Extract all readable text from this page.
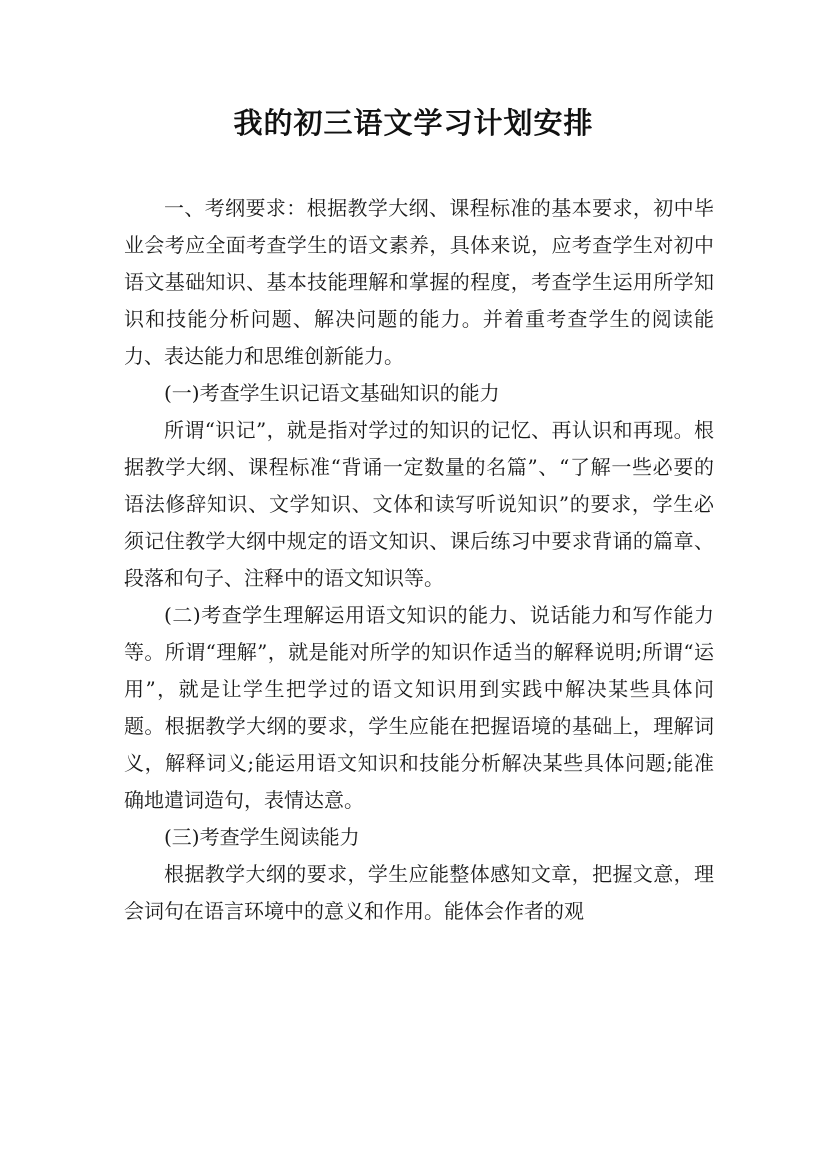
我的初三语文学习计划安排

一、考纲要求：根据教学大纲、课程标准的基本要求，初中毕业会考应全面考查学生的语文素养，具体来说，应考查学生对初中语文基础知识、基本技能理解和掌握的程度，考查学生运用所学知识和技能分析问题、解决问题的能力。并着重考查学生的阅读能力、表达能力和思维创新能力。

(一)考查学生识记语文基础知识的能力

所谓“识记”，就是指对学过的知识的记忆、再认识和再现。根据教学大纲、课程标准“背诵一定数量的名篇”、“了解一些必要的语法修辞知识、文学知识、文体和读写听说知识”的要求，学生必须记住教学大纲中规定的语文知识、课后练习中要求背诵的篇章、段落和句子、注释中的语文知识等。

(二)考查学生理解运用语文知识的能力、说话能力和写作能力等。所谓“理解”，就是能对所学的知识作适当的解释说明;所谓“运用”，就是让学生把学过的语文知识用到实践中解决某些具体问题。根据教学大纲的要求，学生应能在把握语境的基础上，理解词义，解释词义;能运用语文知识和技能分析解决某些具体问题;能准确地遣词造句，表情达意。

(三)考查学生阅读能力

根据教学大纲的要求，学生应能整体感知文章，把握文意，理会词句在语言环境中的意义和作用。能体会作者的观
